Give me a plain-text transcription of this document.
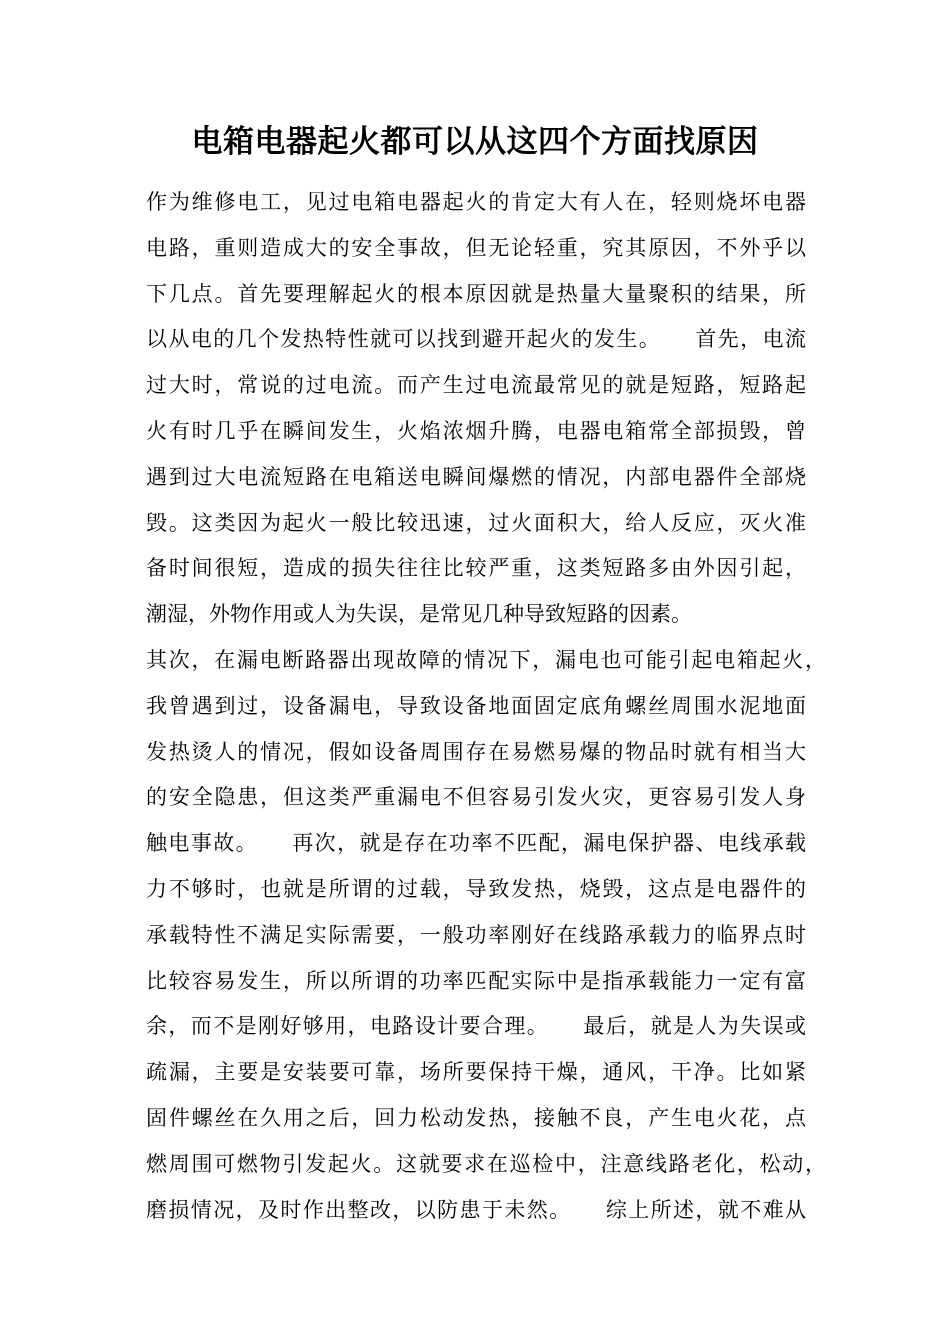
电箱电器起火都可以从这四个方面找原因
作为维修电工，见过电箱电器起火的肯定大有人在，轻则烧坏电器
电路，重则造成大的安全事故，但无论轻重，究其原因，不外乎以
下几点。首先要理解起火的根本原因就是热量大量聚积的结果，所
以从电的几个发热特性就可以找到避开起火的发生。　　首先，电流
过大时，常说的过电流。而产生过电流最常见的就是短路，短路起
火有时几乎在瞬间发生，火焰浓烟升腾，电器电箱常全部损毁，曾
遇到过大电流短路在电箱送电瞬间爆燃的情况，内部电器件全部烧
毁。这类因为起火一般比较迅速，过火面积大，给人反应，灭火准
备时间很短，造成的损失往往比较严重，这类短路多由外因引起，
潮湿，外物作用或人为失误，是常见几种导致短路的因素。
其次，在漏电断路器出现故障的情况下，漏电也可能引起电箱起火，
我曾遇到过，设备漏电，导致设备地面固定底角螺丝周围水泥地面
发热烫人的情况，假如设备周围存在易燃易爆的物品时就有相当大
的安全隐患，但这类严重漏电不但容易引发火灾，更容易引发人身
触电事故。　　再次，就是存在功率不匹配，漏电保护器、电线承载
力不够时，也就是所谓的过载，导致发热，烧毁，这点是电器件的
承载特性不满足实际需要，一般功率刚好在线路承载力的临界点时
比较容易发生，所以所谓的功率匹配实际中是指承载能力一定有富
余，而不是刚好够用，电路设计要合理。　　最后，就是人为失误或
疏漏，主要是安装要可靠，场所要保持干燥，通风，干净。比如紧
固件螺丝在久用之后，回力松动发热，接触不良，产生电火花，点
燃周围可燃物引发起火。这就要求在巡检中，注意线路老化，松动，
磨损情况，及时作出整改，以防患于未然。　　综上所述，就不难从
